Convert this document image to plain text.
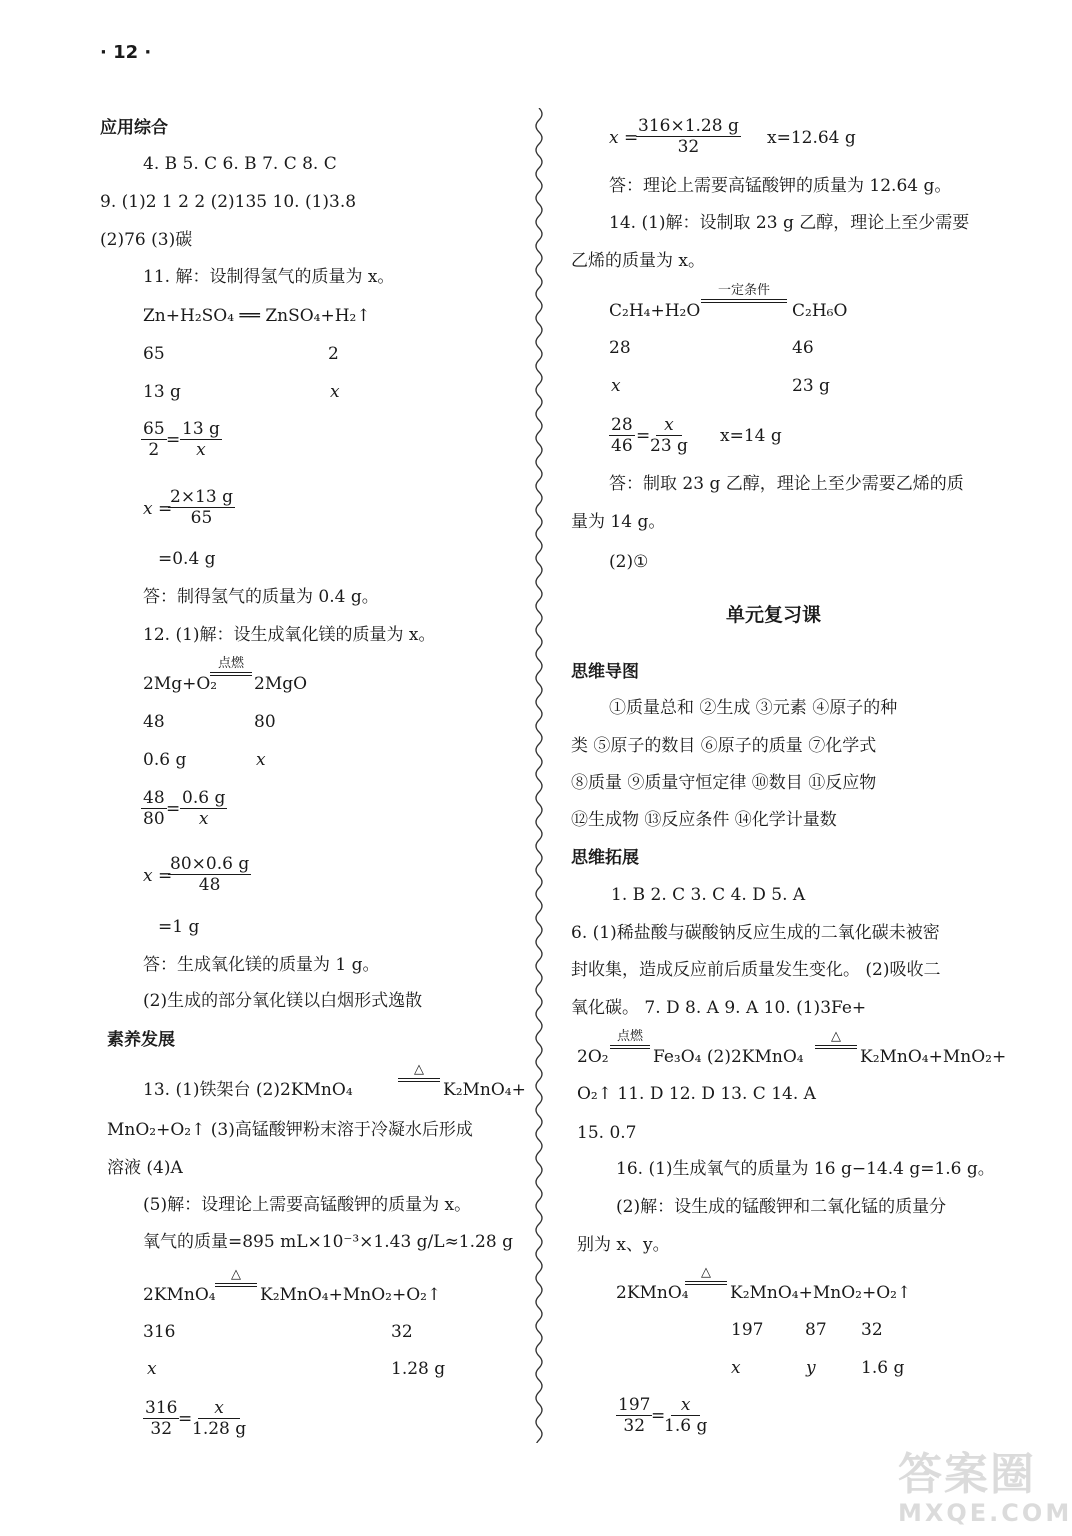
· 12 ·
应用综合
4. B 5. C 6. B 7. C 8. C
9. (1)2 1 2 2 (2)135 10. (1)3.8
(2)76 (3)碳
11. 解：设制得氢气的质量为 x。
Zn+H₂SO₄ ══ ZnSO₄+H₂↑
65	2
13 g	x
$\frac{65}{2} = \frac{13 g}{x}$
x =
$\frac{2\times 13 g}{65}$
=0.4 g
答：制得氢气的质量为 0.4 g。
12. (1)解：设生成氧化镁的质量为 x。
2Mg+O₂
点燃
2MgO
48	80
0.6 g	x
$\frac{48}{80} = \frac{0.6 g}{x}$
x =
$\frac{80\times 0.6 g}{48}$
=1 g
答：生成氧化镁的质量为 1 g。
(2)生成的部分氧化镁以白烟形式逸散
素养发展
13. (1)铁架台 (2)2KMnO₄
△
K₂MnO₄+
MnO₂+O₂↑ (3)高锰酸钾粉末溶于冷凝水后形成
溶液 (4)A
(5)解：设理论上需要高锰酸钾的质量为 x。
氧气的质量=895 mL×10⁻³×1.43 g/L≈1.28 g
2KMnO₄
△
K₂MnO₄+MnO₂+O₂↑
316	32
x	1.28 g
$\frac{316}{32}$
=
$\frac{x}{1.28 g}$
x =
$\frac{316\times 1.28 g}{32} x=12.64$ g
答：理论上需要高锰酸钾的质量为 12.64 g。
14. (1)解：设制取 23 g 乙醇，理论上至少需要
乙烯的质量为 x。
C₂H₄+H₂O
一定条件
C₂H₆O
28	46
x	23 g
$\frac{28}{46}$ =
$\frac{x}{23 g} x=14$ g
答：制取 23 g 乙醇，理论上至少需要乙烯的质
量为 14 g。
(2)①
单元复习课
思维导图
①质量总和 ②生成 ③元素 ④原子的种
类 ⑤原子的数目 ⑥原子的质量 ⑦化学式
⑧质量 ⑨质量守恒定律 ⑩数目 ⑪反应物
⑫生成物 ⑬反应条件 ⑭化学计量数
思维拓展
1. B 2. C 3. C 4. D 5. A
6. (1)稀盐酸与碳酸钠反应生成的二氧化碳未被密
封收集，造成反应前后质量发生变化。 (2)吸收二
氧化碳。 7. D 8. A 9. A 10. (1)3Fe+
2O₂
点燃
Fe₃O₄ (2)2KMnO₄
△
K₂MnO₄+MnO₂+
O₂↑ 11. D 12. D 13. C 14. A
15. 0.7
16. (1)生成氧气的质量为 16 g−14.4 g=1.6 g。
(2)解：设生成的锰酸钾和二氧化锰的质量分
别为 x、y。
2KMnO₄
△
K₂MnO₄+MnO₂+O₂↑
197 87 32
x	y	1.6 g
$\frac{197}{32}$
=
$\frac{x}{1.6 g}$
答案圈
MXQE.COM
